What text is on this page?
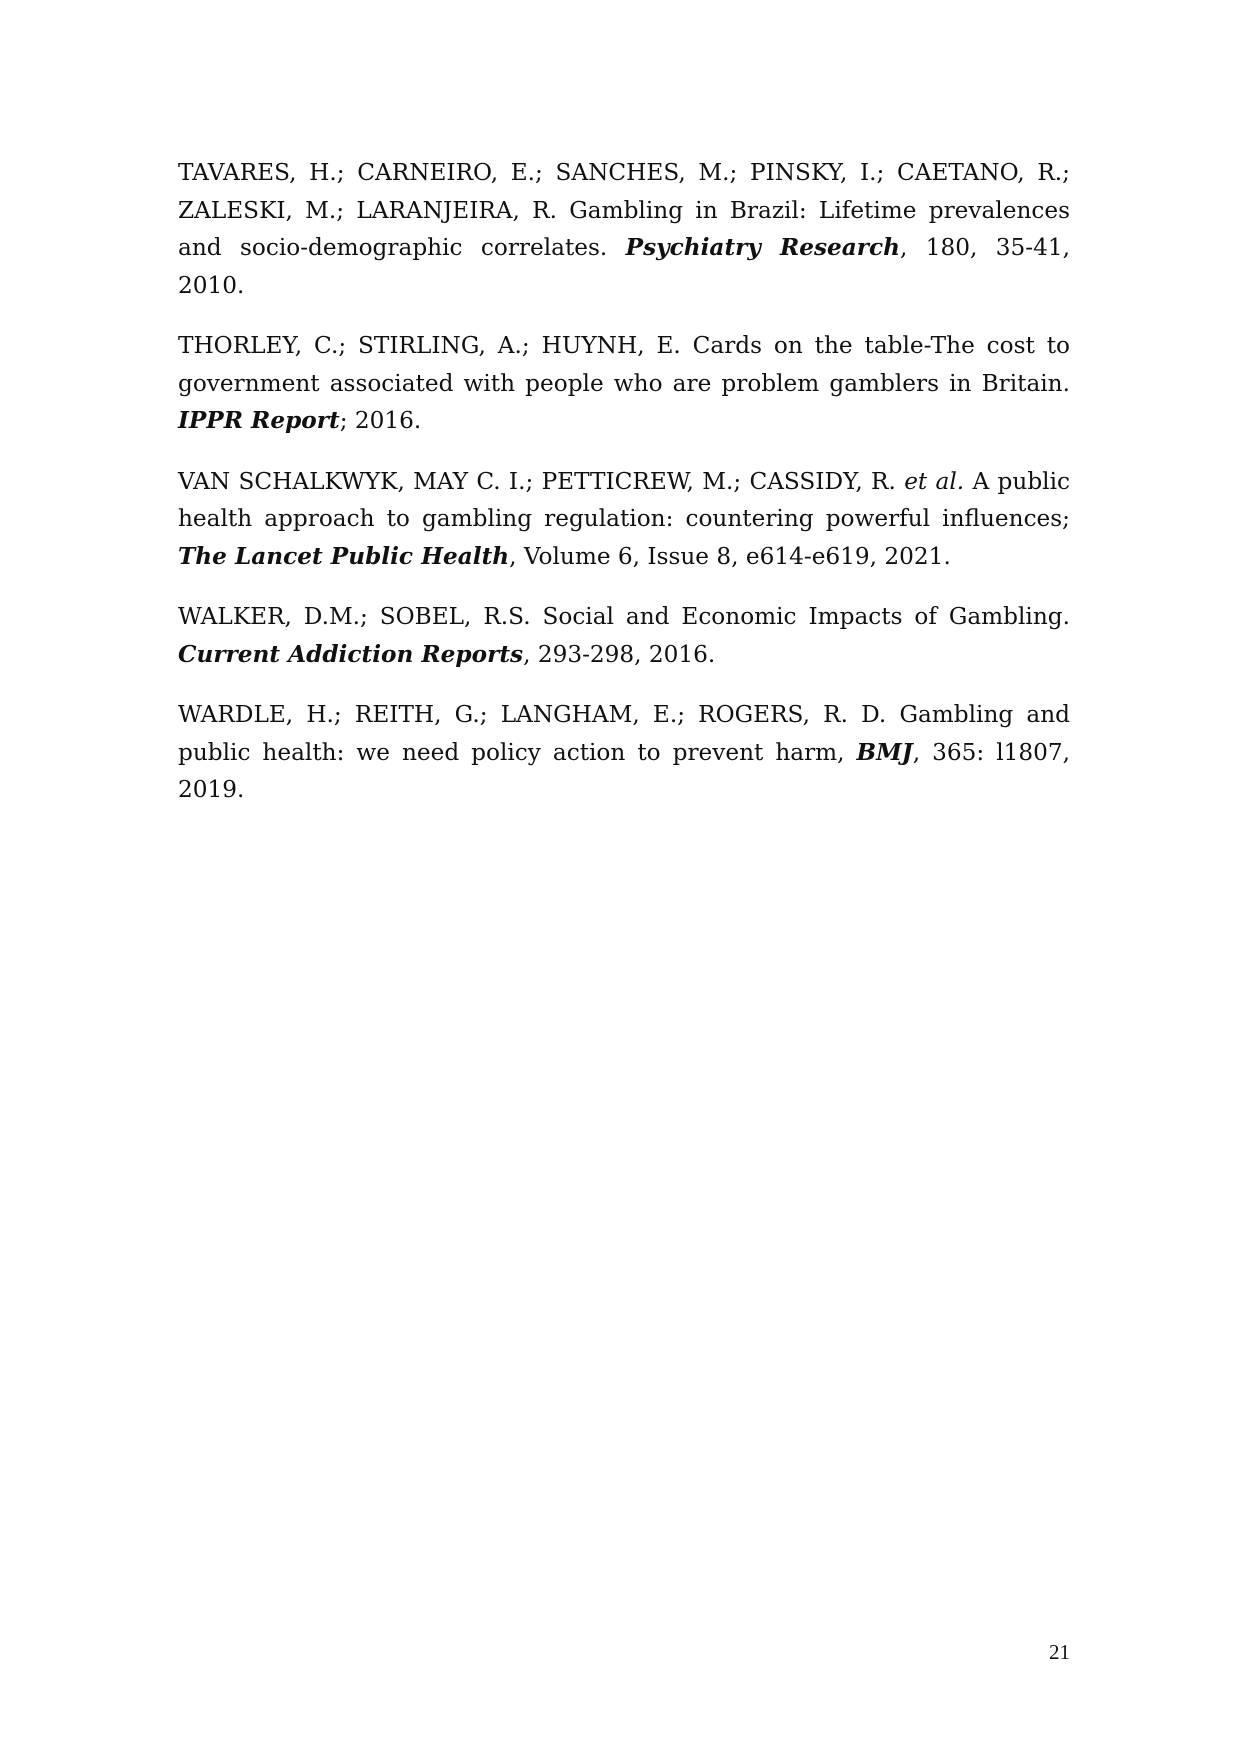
TAVARES, H.; CARNEIRO, E.; SANCHES, M.; PINSKY, I.; CAETANO, R.; ZALESKI, M.; LARANJEIRA, R. Gambling in Brazil: Lifetime prevalences and socio-demographic correlates. Psychiatry Research, 180, 35-41, 2010.

THORLEY, C.; STIRLING, A.; HUYNH, E. Cards on the table-The cost to government associated with people who are problem gamblers in Britain. IPPR Report; 2016.

VAN SCHALKWYK, MAY C. I.; PETTICREW, M.; CASSIDY, R. et al. A public health approach to gambling regulation: countering powerful influences; The Lancet Public Health, Volume 6, Issue 8, e614-e619, 2021.

WALKER, D.M.; SOBEL, R.S. Social and Economic Impacts of Gambling. Current Addiction Reports, 293-298, 2016.

WARDLE, H.; REITH, G.; LANGHAM, E.; ROGERS, R. D. Gambling and public health: we need policy action to prevent harm, BMJ, 365: l1807, 2019.

21
